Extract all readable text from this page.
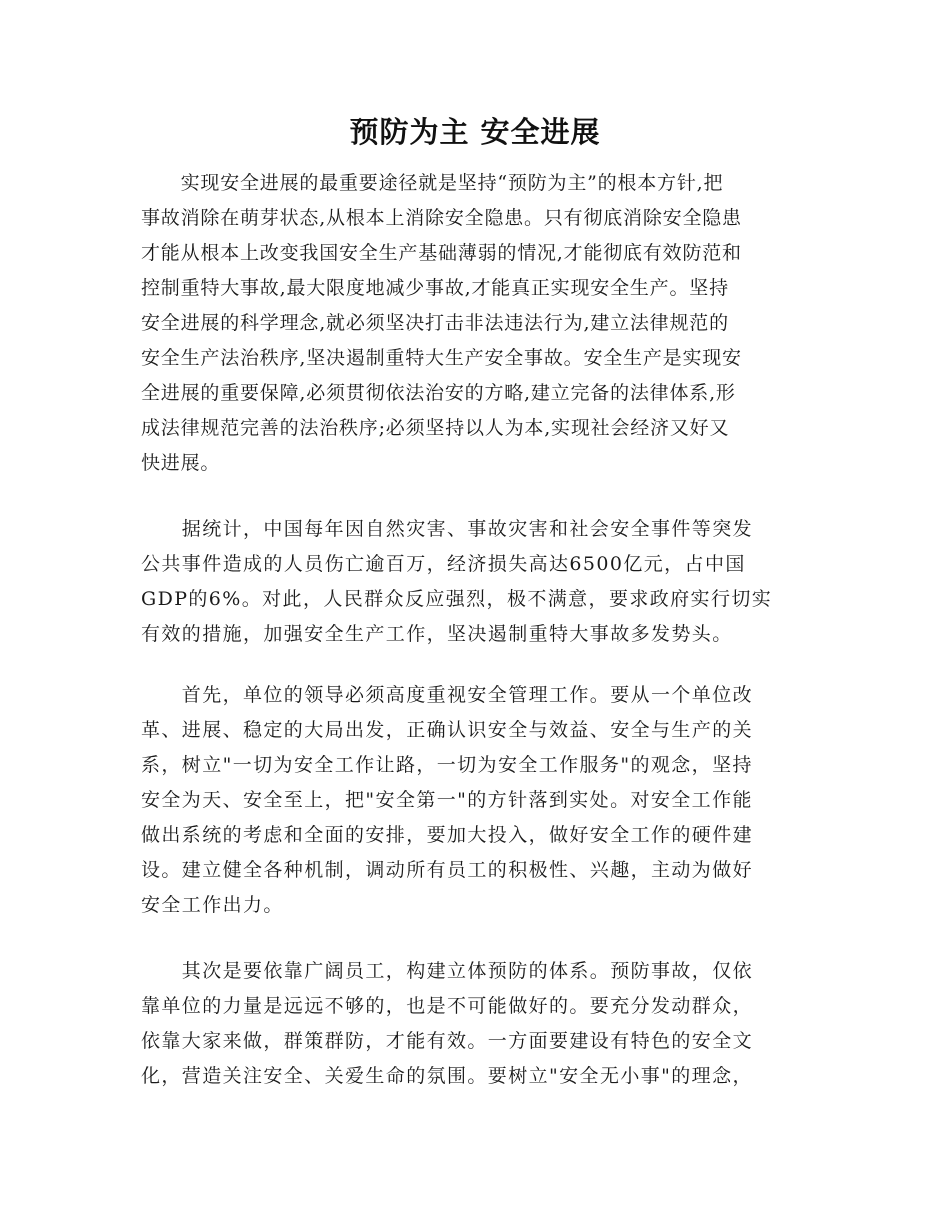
预防为主 安全进展

　　实现安全进展的最重要途径就是坚持“预防为主”的根本方针,把
事故消除在萌芽状态,从根本上消除安全隐患。只有彻底消除安全隐患
才能从根本上改变我国安全生产基础薄弱的情况,才能彻底有效防范和
控制重特大事故,最大限度地减少事故,才能真正实现安全生产。坚持
安全进展的科学理念,就必须坚决打击非法违法行为,建立法律规范的
安全生产法治秩序,坚决遏制重特大生产安全事故。安全生产是实现安
全进展的重要保障,必须贯彻依法治安的方略,建立完备的法律体系,形
成法律规范完善的法治秩序;必须坚持以人为本,实现社会经济又好又
快进展。

　　据统计，中国每年因自然灾害、事故灾害和社会安全事件等突发
公共事件造成的人员伤亡逾百万，经济损失高达6500亿元，占中国
GDP的6%。对此，人民群众反应强烈，极不满意，要求政府实行切实
有效的措施，加强安全生产工作，坚决遏制重特大事故多发势头。

　　首先，单位的领导必须高度重视安全管理工作。要从一个单位改
革、进展、稳定的大局出发，正确认识安全与效益、安全与生产的关
系，树立"一切为安全工作让路，一切为安全工作服务"的观念，坚持
安全为天、安全至上，把"安全第一"的方针落到实处。对安全工作能
做出系统的考虑和全面的安排，要加大投入，做好安全工作的硬件建
设。建立健全各种机制，调动所有员工的积极性、兴趣，主动为做好
安全工作出力。

　　其次是要依靠广阔员工，构建立体预防的体系。预防事故，仅依
靠单位的力量是远远不够的，也是不可能做好的。要充分发动群众，
依靠大家来做，群策群防，才能有效。一方面要建设有特色的安全文
化，营造关注安全、关爱生命的氛围。要树立"安全无小事"的理念，
